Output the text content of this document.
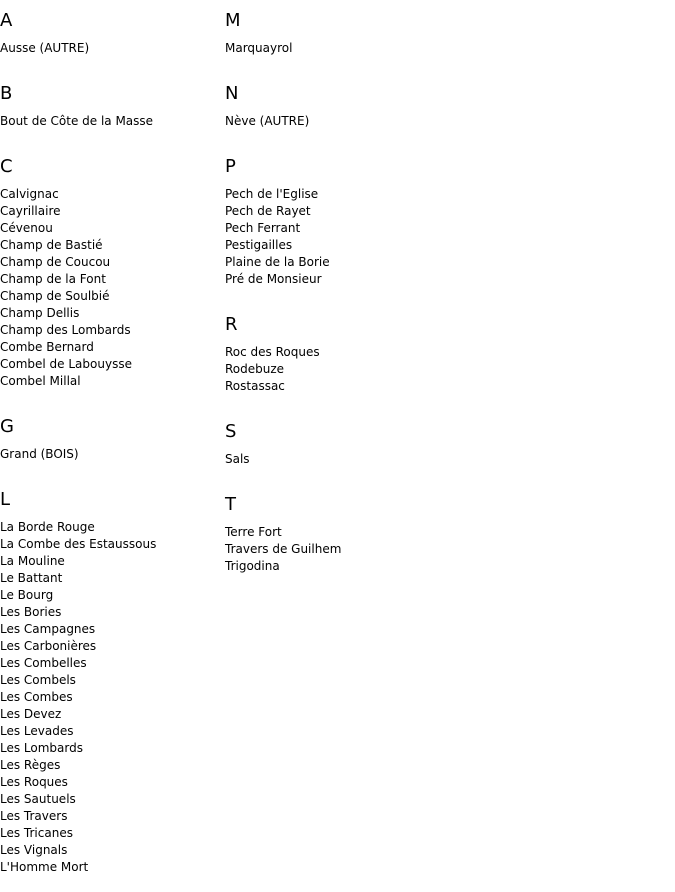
A
Ausse (AUTRE)
B
Bout de Côte de la Masse
C
Calvignac
Cayrillaire
Cévenou
Champ de Bastié
Champ de Coucou
Champ de la Font
Champ de Soulbié
Champ Dellis
Champ des Lombards
Combe Bernard
Combel de Labouysse
Combel Millal
G
Grand (BOIS)
L
La Borde Rouge
La Combe des Estaussous
La Mouline
Le Battant
Le Bourg
Les Bories
Les Campagnes
Les Carbonières
Les Combelles
Les Combels
Les Combes
Les Devez
Les Levades
Les Lombards
Les Règes
Les Roques
Les Sautuels
Les Travers
Les Tricanes
Les Vignals
L'Homme Mort
M
Marquayrol
N
Nève (AUTRE)
P
Pech de l'Eglise
Pech de Rayet
Pech Ferrant
Pestigailles
Plaine de la Borie
Pré de Monsieur
R
Roc des Roques
Rodebuze
Rostassac
S
Sals
T
Terre Fort
Travers de Guilhem
Trigodina
